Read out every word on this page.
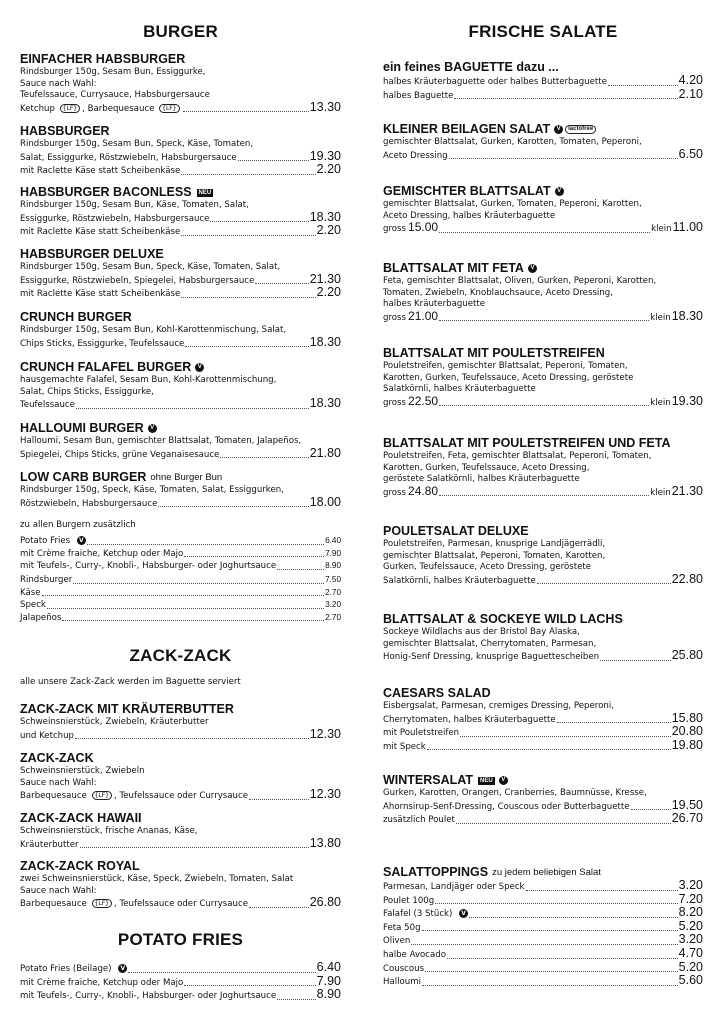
BURGER
EINFACHER HABSBURGER
Rindsburger 150g, Sesam Bun, Essiggurke,
Sauce nach Wahl:
Teufelssauce, Currysauce, Habsburgersauce
Ketchup {LF} , Barbequesauce {LF}	13.30
HABSBURGER
Rindsburger 150g, Sesam Bun, Speck, Käse, Tomaten,
Salat, Essiggurke, Röstzwiebeln, Habsburgersauce	19.30
mit Raclette Käse statt Scheibenkäse	2.20
HABSBURGER BACONLESS	NEU
Rindsburger 150g, Sesam Bun, Käse, Tomaten, Salat,
Essiggurke, Röstzwiebeln, Habsburgersauce	18.30
mit Raclette Käse statt Scheibenkäse	2.20
HABSBURGER DELUXE
Rindsburger 150g, Sesam Bun, Speck, Käse, Tomaten, Salat,
Essiggurke, Röstzwiebeln, Spiegelei, Habsburgersauce	21.30
mit Raclette Käse statt Scheibenkäse	2.20
CRUNCH BURGER
Rindsburger 150g, Sesam Bun, Kohl-Karottenmischung, Salat,
Chips Sticks, Essiggurke, Teufelssauce	18.30
CRUNCH FALAFEL BURGER	V
hausgemachte Falafel, Sesam Bun, Kohl-Karottenmischung,
Salat, Chips Sticks, Essiggurke,
Teufelssauce	18.30
HALLOUMI BURGER	V
Halloumi, Sesam Bun, gemischter Blattsalat, Tomaten, Jalapeños,
Spiegelei, Chips Sticks, grüne Veganaisesauce	21.80
LOW CARB BURGER ohne Burger Bun
Rindsburger 150g, Speck, Käse, Tomaten, Salat, Essiggurken,
Röstzwiebeln, Habsburgersauce	18.00
zu allen Burgern zusätzlich
Potato Fries V	6.40
mit Crème fraiche, Ketchup oder Majo	7.90
mit Teufels-, Curry-, Knobli-, Habsburger- oder Joghurtsauce	8.90
Rindsburger	7.50
Käse	2.70
Speck	3.20
Jalapeños	2.70
ZACK-ZACK
alle unsere Zack-Zack werden im Baguette serviert
ZACK-ZACK MIT KRÄUTERBUTTER
Schweinsnierstück, Zwiebeln, Kräuterbutter
und Ketchup	12.30
ZACK-ZACK
Schweinsnierstück, Zwiebeln
Sauce nach Wahl:
Barbequesauce {LF} , Teufelssauce oder Currysauce	12.30
ZACK-ZACK HAWAII
Schweinsnierstück, frische Ananas, Käse,
Kräuterbutter	13.80
ZACK-ZACK ROYAL
zwei Schweinsnierstück, Käse, Speck, Zwiebeln, Tomaten, Salat
Sauce nach Wahl:
Barbequesauce {LF} , Teufelssauce oder Currysauce	26.80
POTATO FRIES
Potato Fries (Beilage) V	6.40
mit Crème fraiche, Ketchup oder Majo	7.90
mit Teufels-, Curry-, Knobli-, Habsburger- oder Joghurtsauce	8.90
FRISCHE SALATE
ein feines BAGUETTE dazu ...
halbes Kräuterbaguette oder halbes Butterbaguette	4.20
halbes Baguette	2.10
KLEINER BEILAGEN SALAT	V	lactofree
gemischter Blattsalat, Gurken, Karotten, Tomaten, Peperoni,
Aceto Dressing	6.50
GEMISCHTER BLATTSALAT	V
gemischter Blattsalat, Gurken, Tomaten, Peperoni, Karotten,
Aceto Dressing, halbes Kräuterbaguette
gross 15.00	klein 11.00
BLATTSALAT MIT FETA	V
Feta, gemischter Blattsalat, Oliven, Gurken, Peperoni, Karotten,
Tomaten, Zwiebeln, Knoblauchsauce, Aceto Dressing,
halbes Kräuterbaguette
gross 21.00	klein 18.30
BLATTSALAT MIT POULETSTREIFEN
Pouletstreifen, gemischter Blattsalat, Peperoni, Tomaten,
Karotten, Gurken, Teufelssauce, Aceto Dressing, geröstete
Salatkörnli, halbes Kräuterbaguette
gross 22.50	klein 19.30
BLATTSALAT MIT POULETSTREIFEN UND FETA
Pouletstreifen, Feta, gemischter Blattsalat, Peperoni, Tomaten,
Karotten, Gurken, Teufelssauce, Aceto Dressing,
geröstete Salatkörnli, halbes Kräuterbaguette
gross 24.80	klein 21.30
POULETSALAT DELUXE
Pouletstreifen, Parmesan, knusprige Landjägerrädli,
gemischter Blattsalat, Peperoni, Tomaten, Karotten,
Gurken, Teufelssauce, Aceto Dressing, geröstete
Salatkörnli, halbes Kräuterbaguette	22.80
BLATTSALAT & SOCKEYE WILD LACHS
Sockeye Wildlachs aus der Bristol Bay Alaska,
gemischter Blattsalat, Cherrytomaten, Parmesan,
Honig-Senf Dressing, knusprige Baguettescheiben	25.80
CAESARS SALAD
Eisbergsalat, Parmesan, cremiges Dressing, Peperoni,
Cherrytomaten, halbes Kräuterbaguette	15.80
mit Pouletstreifen	20.80
mit Speck	19.80
WINTERSALAT	NEU	V
Gurken, Karotten, Orangen, Cranberries, Baumnüsse, Kresse,
Ahornsirup-Senf-Dressing, Couscous oder Butterbaguette	19.50
zusätzlich Poulet	26.70
SALATTOPPINGS zu jedem beliebigen Salat
Parmesan, Landjäger oder Speck	3.20
Poulet 100g	7.20
Falafel (3 Stück) V	8.20
Feta 50g	5.20
Oliven	3.20
halbe Avocado	4.70
Couscous	5.20
Halloumi	5.60
